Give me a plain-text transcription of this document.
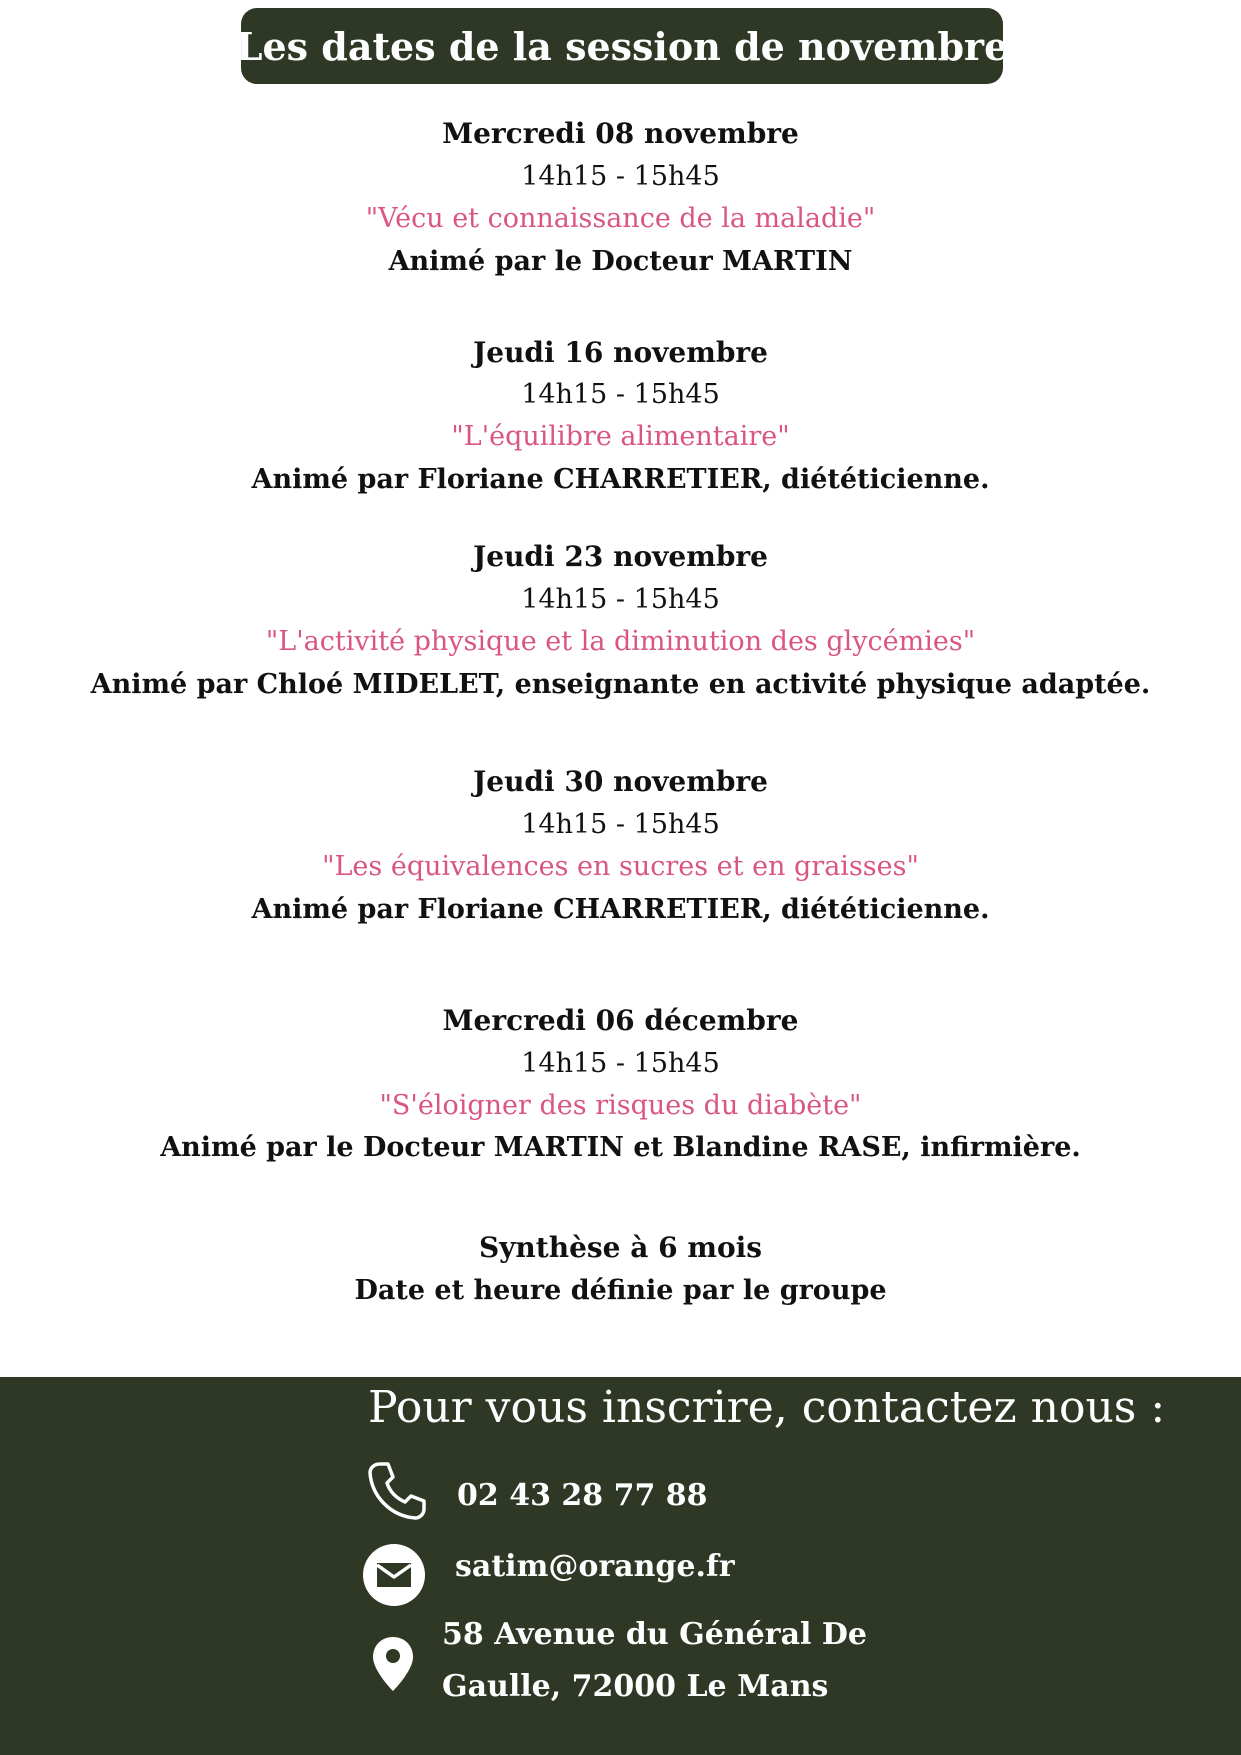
Les dates de la session de novembre
Mercredi 08 novembre
14h15 - 15h45
"Vécu et connaissance de la maladie"
Animé par le Docteur MARTIN
Jeudi 16 novembre
14h15 - 15h45
"L'équilibre alimentaire"
Animé par Floriane CHARRETIER, diététicienne.
Jeudi 23 novembre
14h15 - 15h45
"L'activité physique et la diminution des glycémies"
Animé par Chloé MIDELET, enseignante en activité physique adaptée.
Jeudi 30 novembre
14h15 - 15h45
"Les équivalences en sucres et en graisses"
Animé par Floriane CHARRETIER, diététicienne.
Mercredi 06 décembre
14h15 - 15h45
"S'éloigner des risques du diabète"
Animé par le Docteur MARTIN et Blandine RASE, infirmière.
Synthèse à 6 mois
Date et heure définie par le groupe
Pour vous inscrire, contactez nous :
02 43 28 77 88
satim@orange.fr
58 Avenue du Général De
Gaulle, 72000 Le Mans
